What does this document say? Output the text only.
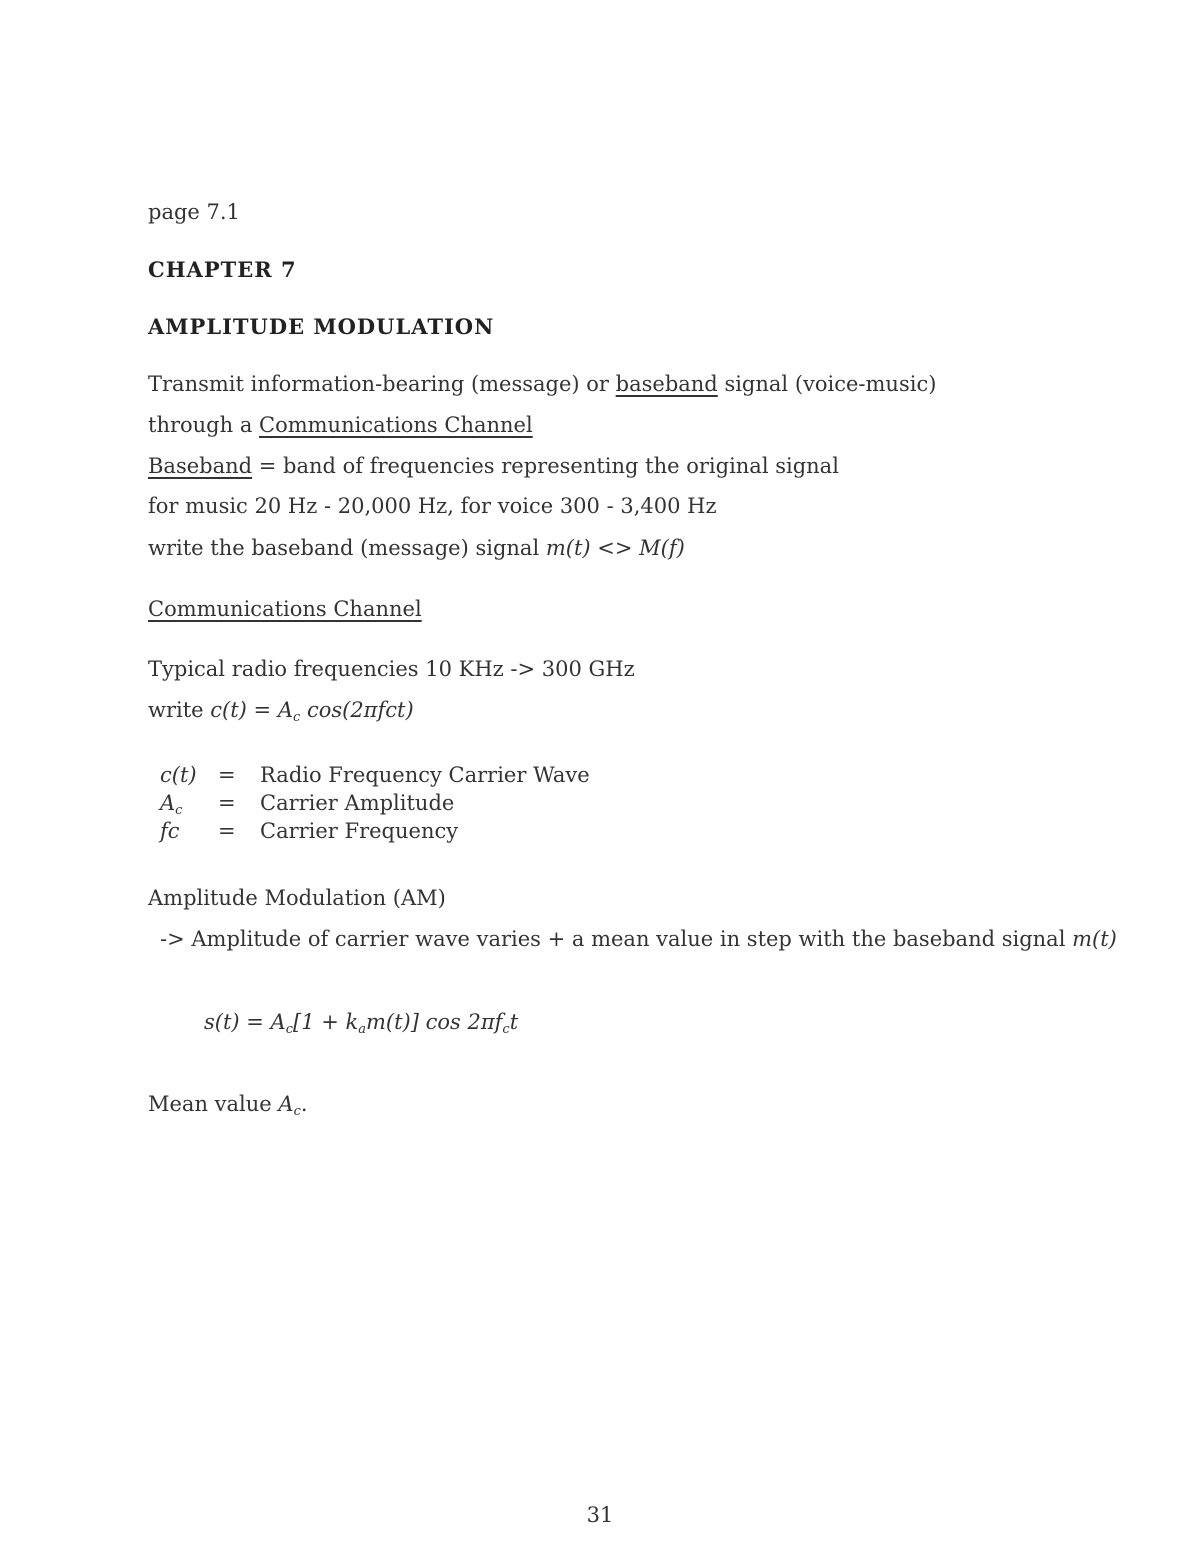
page 7.1
CHAPTER 7
AMPLITUDE MODULATION
Transmit information-bearing (message) or baseband signal (voice-music)
through a Communications Channel
Baseband = band of frequencies representing the original signal
for music 20 Hz - 20,000 Hz, for voice 300 - 3,400 Hz
write the baseband (message) signal m(t) <> M(f)
Communications Channel
Typical radio frequencies 10 KHz -> 300 GHz
write $c(t) = A_c$ cos(2πfct)
c(t) = Radio Frequency Carrier Wave
$A_c$ = Carrier Amplitude
fc = Carrier Frequency
Amplitude Modulation (AM)
-> Amplitude of carrier wave varies + a mean value in step with the baseband signal m(t)
$s(t) = A_c[1 + k_am(t)]$ $\cos 2\pi f_ct$
Mean value $A_c$.
31
